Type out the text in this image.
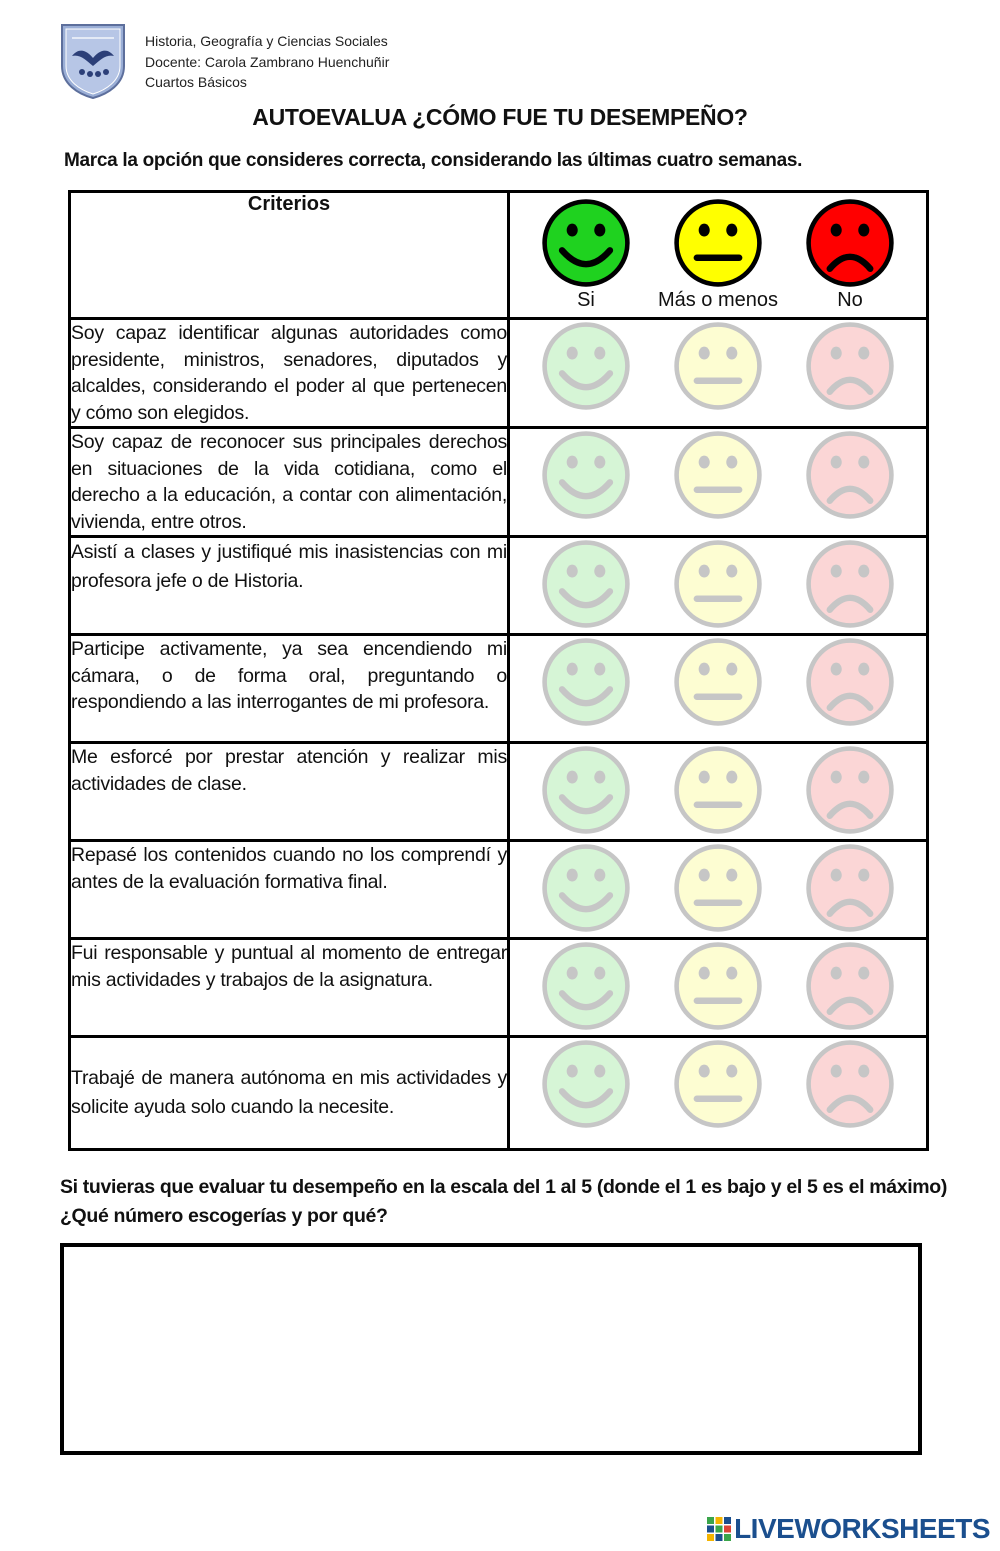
Historia, Geografía y Ciencias Sociales
Docente: Carola Zambrano Huenchuñir
Cuartos Básicos
AUTOEVALUA ¿CÓMO FUE TU DESEMPEÑO?
Marca la opción que consideres correcta, considerando las últimas cuatro semanas.
Criterios	Si Más o menos No

Soy capaz identificar algunas autoridades como presidente, ministros, senadores, diputados y alcaldes, considerando el poder al que pertenecen y cómo son elegidos.	

Soy capaz de reconocer sus principales derechos en situaciones de la vida cotidiana, como el derecho a la educación, a contar con alimentación, vivienda, entre otros.	

Asistí a clases y justifiqué mis inasistencias con mi profesora jefe o de Historia.	

Participe activamente, ya sea encendiendo mi cámara, o de forma oral, preguntando o respondiendo a las interrogantes de mi profesora.	

Me esforcé por prestar atención y realizar mis actividades de clase.	

Repasé los contenidos cuando no los comprendí y antes de la evaluación formativa final.	

Fui responsable y puntual al momento de entregar mis actividades y trabajos de la asignatura.	

Trabajé de manera autónoma en mis actividades y solicite ayuda solo cuando la necesite.	
Si tuvieras que evaluar tu desempeño en la escala del 1 al 5 (donde el 1 es bajo y el 5 es el máximo)
¿Qué número escogerías y por qué?
LIVEWORKSHEETS
